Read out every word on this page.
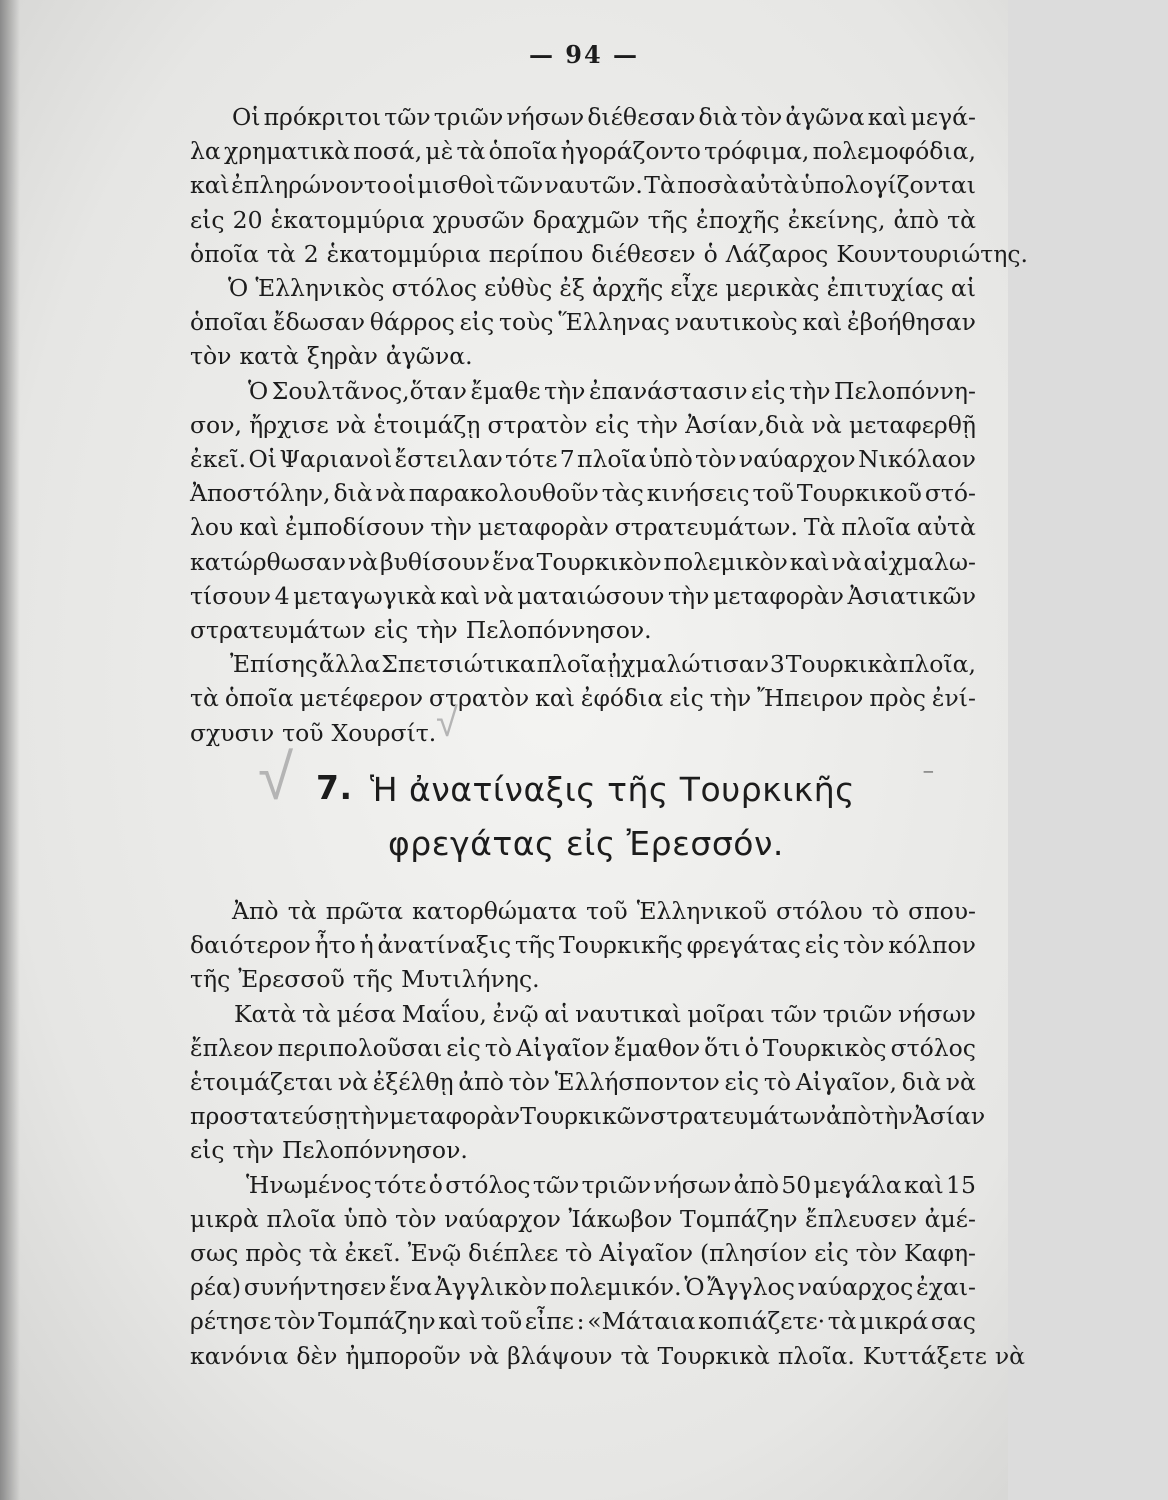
— 94 —
Οἱ πρόκριτοι τῶν τριῶν νήσων διέθεσαν διὰ τὸν ἀγῶνα καὶ μεγά-
λα χρηματικὰ ποσά, μὲ τὰ ὁποῖα ἠγοράζοντο τρόφιμα, πολεμοφόδια,
καὶ ἐπληρώνοντο οἱ μισθοὶ τῶν ναυτῶν. Τὰ ποσὰ αὐτὰ ὑπολογίζονται
εἰς 20 ἑκατομμύρια χρυσῶν δραχμῶν τῆς ἐποχῆς ἐκείνης, ἀπὸ τὰ
ὁποῖα τὰ 2 ἑκατομμύρια περίπου διέθεσεν ὁ Λάζαρος Κουντουριώτης.
Ὁ Ἑλληνικὸς στόλος εὐθὺς ἐξ ἀρχῆς εἶχε μερικὰς ἐπιτυχίας αἱ
ὁποῖαι ἔδωσαν θάρρος εἰς τοὺς Ἕλληνας ναυτικοὺς καὶ ἐβοήθησαν
τὸν κατὰ ξηρὰν ἀγῶνα.
Ὁ Σουλτᾶνος,ὅταν ἔμαθε τὴν ἐπανάστασιν εἰς τὴν Πελοπόννη-
σον, ἤρχισε νὰ ἑτοιμάζῃ στρατὸν εἰς τὴν Ἀσίαν,διὰ νὰ μεταφερθῇ
ἐκεῖ. Οἱ Ψαριανοὶ ἔστειλαν τότε 7 πλοῖα ὑπὸ τὸν ναύαρχον Νικόλαον
Ἀποστόλην, διὰ νὰ παρακολουθοῦν τὰς κινήσεις τοῦ Τουρκικοῦ στό-
λου καὶ ἐμποδίσουν τὴν μεταφορὰν στρατευμάτων. Τὰ πλοῖα αὐτὰ
κατώρθωσαν νὰ βυθίσουν ἕνα Τουρκικὸν πολεμικὸν καὶ νὰ αἰχμαλω-
τίσουν 4 μεταγωγικὰ καὶ νὰ ματαιώσουν τὴν μεταφορὰν Ἀσιατικῶν
στρατευμάτων εἰς τὴν Πελοπόννησον.
Ἐπίσης ἄλλα Σπετσιώτικα πλοῖα ᾐχμαλώτισαν 3 Τουρκικὰ πλοῖα,
τὰ ὁποῖα μετέφερον στρατὸν καὶ ἐφόδια εἰς τὴν Ἤπειρον πρὸς ἐνί-
σχυσιν τοῦ Χουρσίτ. √
√	⁻
7. Ἡ ἀνατίναξις τῆς Τουρκικῆς
φρεγάτας εἰς Ἐρεσσόν.
Ἀπὸ τὰ πρῶτα κατορθώματα τοῦ Ἑλληνικοῦ στόλου τὸ σπου-
δαιότερον ἦτο ἡ ἀνατίναξις τῆς Τουρκικῆς φρεγάτας εἰς τὸν κόλπον
τῆς Ἐρεσσοῦ τῆς Μυτιλήνης.
Κατὰ τὰ μέσα Μαΐου, ἐνῷ αἱ ναυτικαὶ μοῖραι τῶν τριῶν νήσων
ἔπλεον περιπολοῦσαι εἰς τὸ Αἰγαῖον ἔμαθον ὅτι ὁ Τουρκικὸς στόλος
ἑτοιμάζεται νὰ ἐξέλθῃ ἀπὸ τὸν Ἑλλήσποντον εἰς τὸ Αἰγαῖον, διὰ νὰ
προστατεύσῃ τὴν μεταφορὰν Τουρκικῶν στρατευμάτων ἀπὸ τὴν Ἀσίαν
εἰς τὴν Πελοπόννησον.
Ἡνωμένος τότε ὁ στόλος τῶν τριῶν νήσων ἀπὸ 50 μεγάλα καὶ 15
μικρὰ πλοῖα ὑπὸ τὸν ναύαρχον Ἰάκωβον Τομπάζην ἔπλευσεν ἀμέ-
σως πρὸς τὰ ἐκεῖ. Ἐνῷ διέπλεε τὸ Αἰγαῖον (πλησίον εἰς τὸν Καφη-
ρέα) συνήντησεν ἕνα Ἀγγλικὸν πολεμικόν. Ὁ Ἄγγλος ναύαρχος ἐχαι-
ρέτησε τὸν Τομπάζην καὶ τοῦ εἶπε : «Μάταια κοπιάζετε· τὰ μικρά σας
κανόνια δὲν ἠμποροῦν νὰ βλάψουν τὰ Τουρκικὰ πλοῖα. Κυττάξετε νὰ
